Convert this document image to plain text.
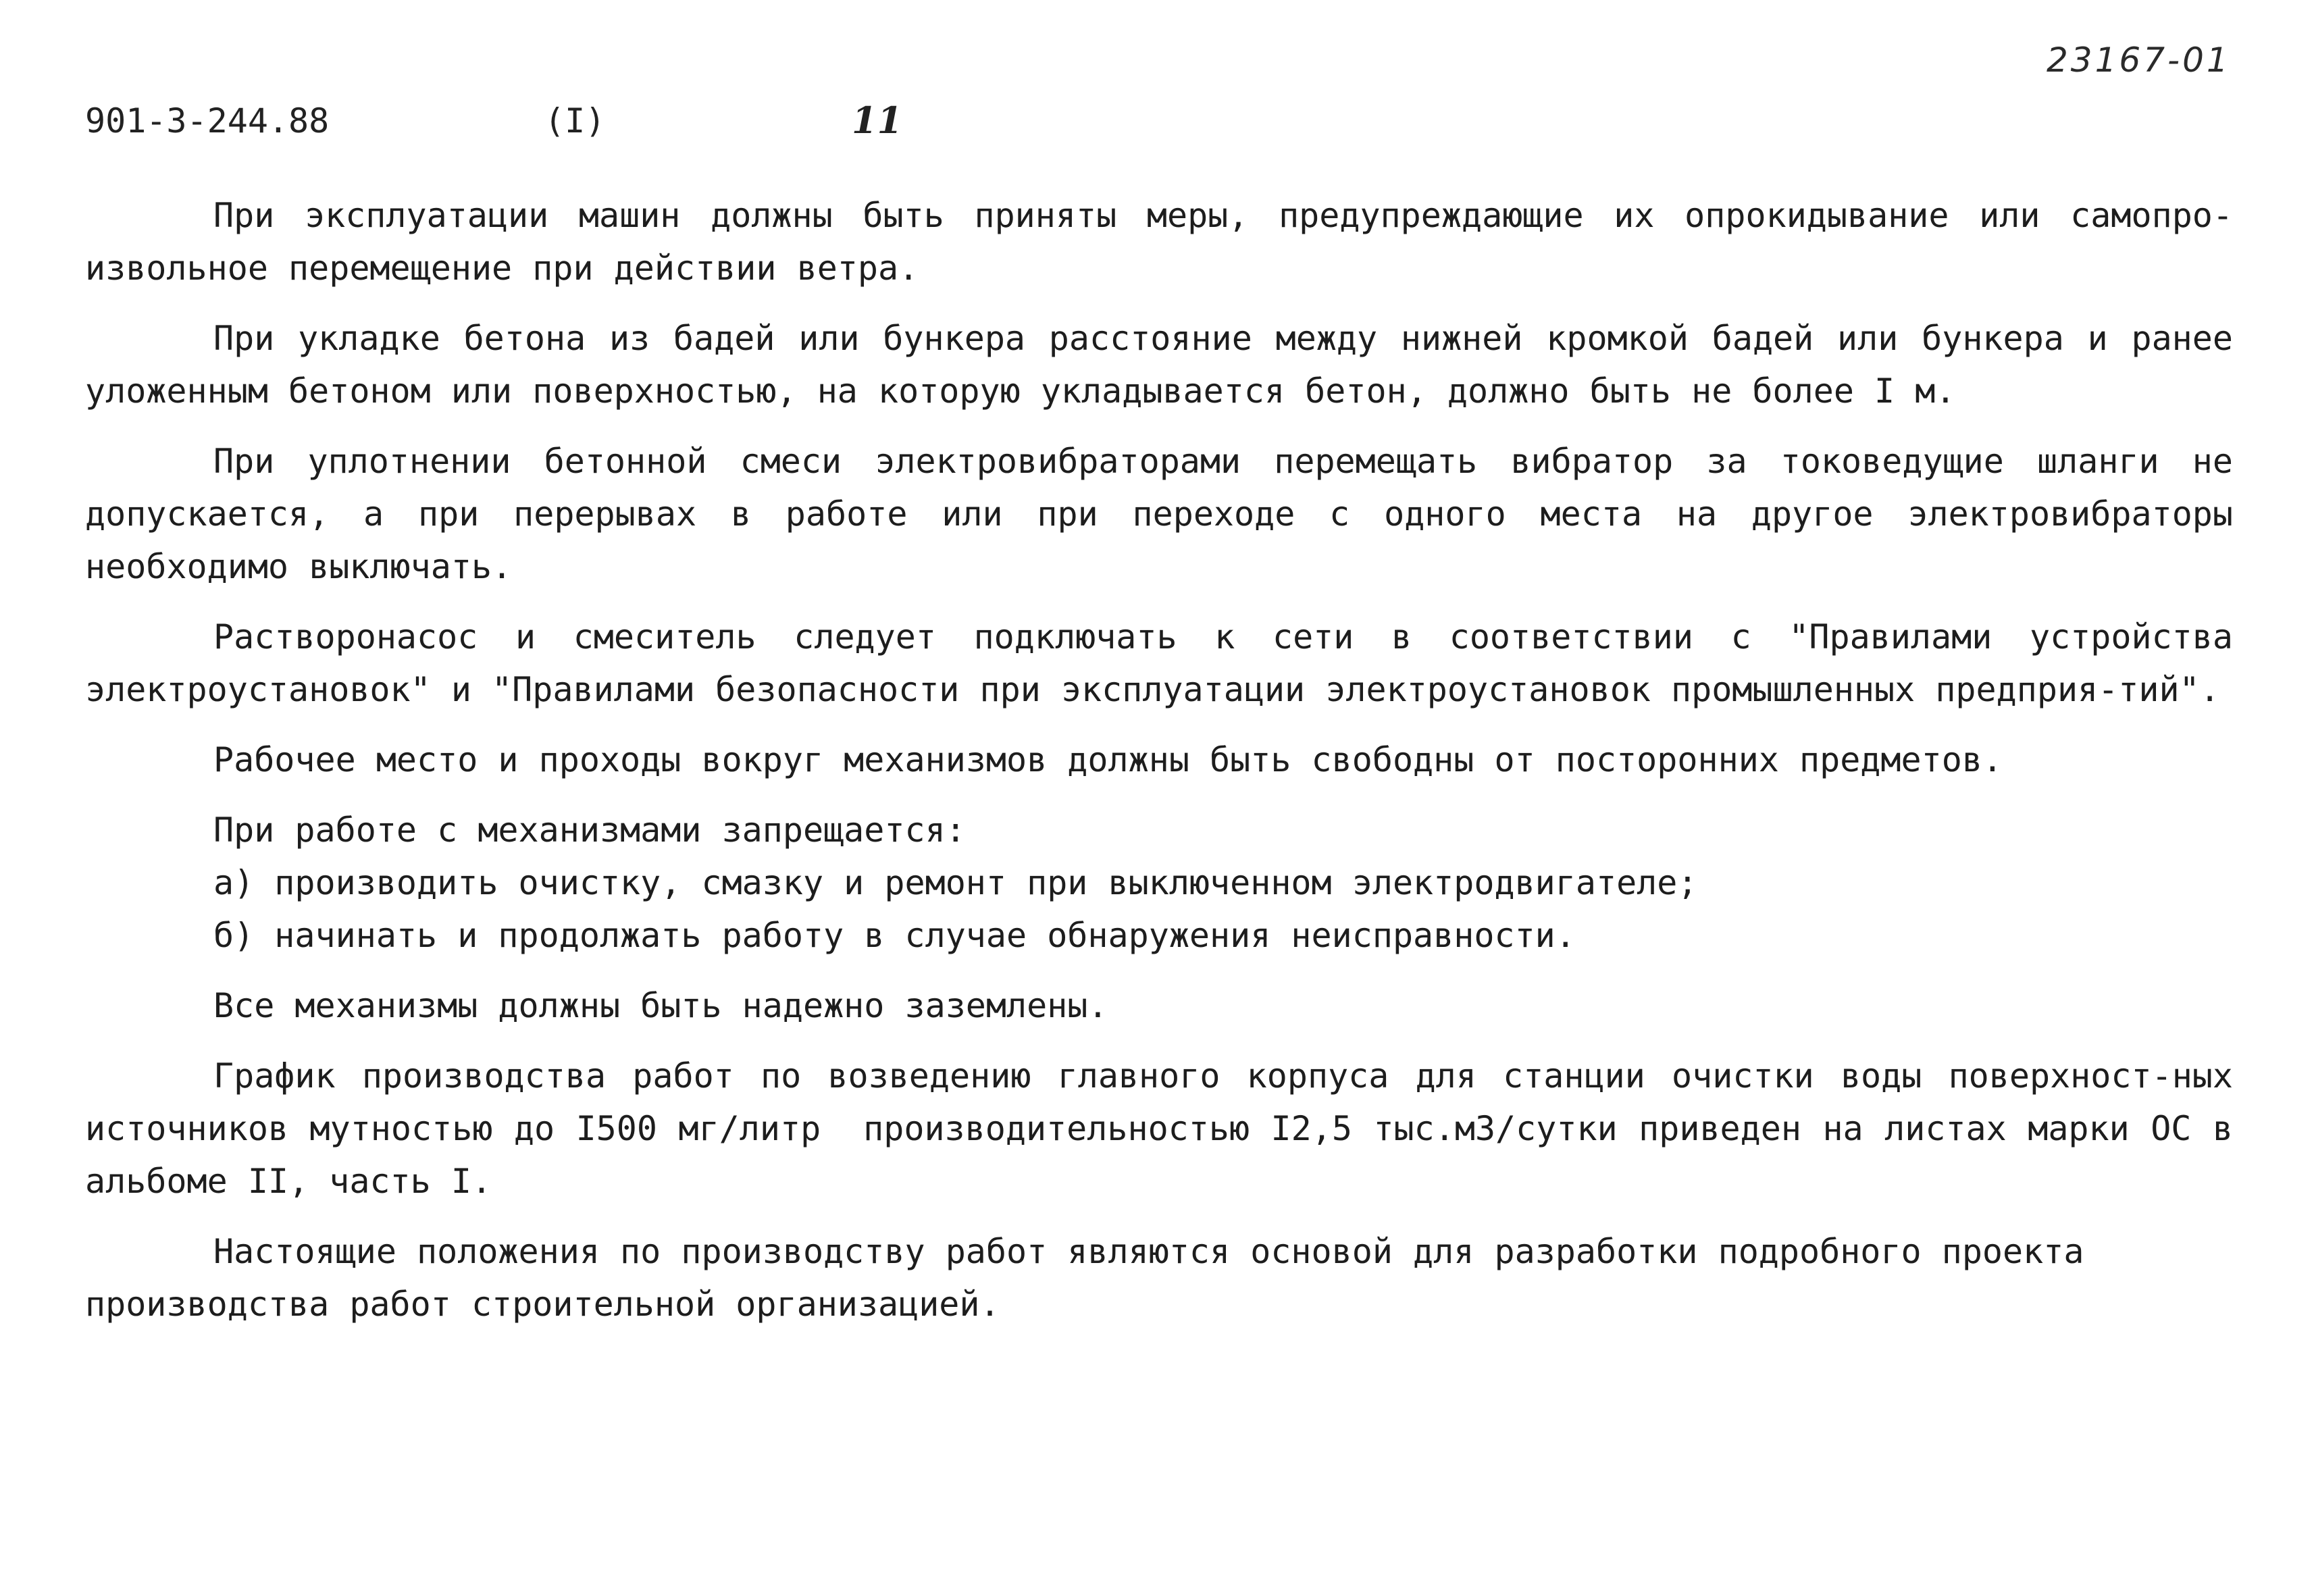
23167-01
901-3-244.88	(I)	11

При эксплуатации машин должны быть приняты меры, предупреждающие их опрокидывание или самопро-извольное перемещение при действии ветра.

При укладке бетона из бадей или бункера расстояние между нижней кромкой бадей или бункера и ранее уложенным бетоном или поверхностью, на которую укладывается бетон, должно быть не более I м.

При уплотнении бетонной смеси электровибраторами перемещать вибратор за токоведущие шланги не допускается, а при перерывах в работе или при переходе с одного места на другое электровибраторы необходимо выключать.

Растворонасос и смеситель следует подключать к сети в соответствии с "Правилами устройства электроустановок" и "Правилами безопасности при эксплуатации электроустановок промышленных предприя-тий".

Рабочее место и проходы вокруг механизмов должны быть свободны от посторонних предметов.

При работе с механизмами запрещается:
а) производить очистку, смазку и ремонт при выключенном электродвигателе;
б) начинать и продолжать работу в случае обнаружения неисправности.

Все механизмы должны быть надежно заземлены.

График производства работ по возведению главного корпуса для станции очистки воды поверхност-ных источников мутностью до I500 мг/литр  производительностью I2,5 тыс.м3/сутки приведен на листах марки ОС в альбоме II, часть I.

Настоящие положения по производству работ являются основой для разработки подробного проекта производства работ строительной организацией.
